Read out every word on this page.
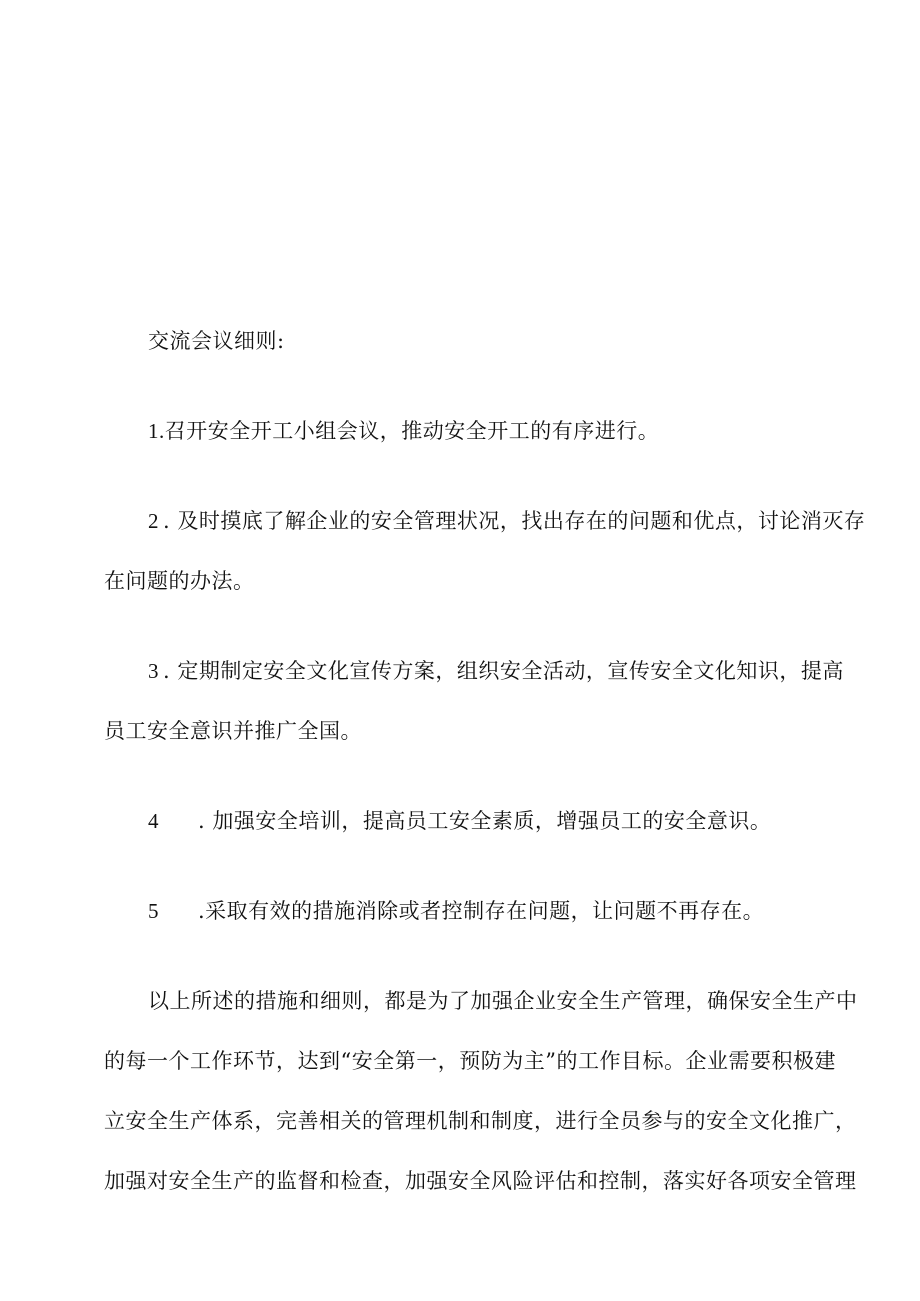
交流会议细则:
1.召开安全开工小组会议，推动安全开工的有序进行。
2 . 及时摸底了解企业的安全管理状况，找出存在的问题和优点，讨论消灭存
在问题的办法。
3 . 定期制定安全文化宣传方案，组织安全活动，宣传安全文化知识，提高
员工安全意识并推广全国。
4 . 加强安全培训，提高员工安全素质，增强员工的安全意识。
5 .采取有效的措施消除或者控制存在问题，让问题不再存在。
以上所述的措施和细则，都是为了加强企业安全生产管理，确保安全生产中
的每一个工作环节，达到“安全第一，预防为主”的工作目标。企业需要积极建
立安全生产体系，完善相关的管理机制和制度，进行全员参与的安全文化推广，
加强对安全生产的监督和检查，加强安全风险评估和控制，落实好各项安全管理
